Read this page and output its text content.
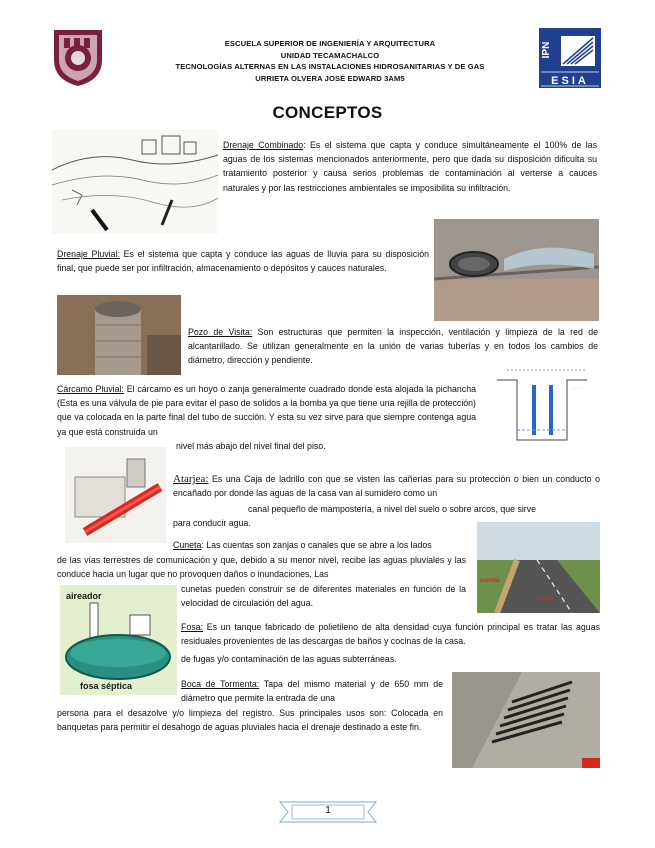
ESCUELA SUPERIOR DE INGENIERÍA Y ARQUITECTURA
UNIDAD TECAMACHALCO
TECNOLOGÍAS ALTERNAS EN LAS INSTALACIONES HIDROSANITARIAS Y DE GAS
URRIETA OLVERA JOSÉ EDWARD 3AM5
IPN
ESIA
CONCEPTOS
Drenaje Combinado: Es el sistema que capta y conduce simultáneamente el 100% de las aguas de los sistemas mencionados anteriormente, pero que dada su disposición dificulta su tratamiento posterior y causa serios problemas de contaminación al verterse a cauces naturales y por las restricciones ambientales se imposibilita su infiltración.
Drenaje Pluvial: Es el sistema que capta y conduce las aguas de lluvia para su disposición final, que puede ser por infiltración, almacenamiento o depósitos y cauces naturales.
Pozo de Visita: Son estructuras que permiten la inspección, ventilación y limpieza de la red de alcantarillado. Se utilizan generalmente en la unión de varias tuberías y en todos los cambios de diámetro, dirección y pendiente.
Cárcamo Pluvial: El cárcamo es un hoyo o zanja generalmente cuadrado donde esta alojada la pichancha (Esta es una válvula de pie para evitar el paso de solidos a la bomba ya que tiene una rejilla de protección) que va colocada en la parte final del tubo de succión. Y esta su vez sirve para que siempre contenga agua ya que está construida un
nivel más abajo del nivel final del piso.
· · ·
Atarjea: Es una Caja de ladrillo con que se visten las cañerías para su protección o bien un conducto o encañado por donde las aguas de la casa van al sumidero como un
canal pequeño de mampostería, a nivel del suelo o sobre arcos, que sirve
para conducir agua.
cuneta
arcén
Cuneta: Las cuentas son zanjas o canales que se abre a los lados
de las vías terrestres de comunicación y que, debido a su menor nivel, recibe las aguas pluviales y las conduce hacia un lugar que no provoquen daños o inundaciones. Las
cunetas pueden construir se de diferentes materiales en función de la velocidad de circulación del agua.
aireador
fosa séptica
Fosa: Es un tanque fabricado de polietileno de alta densidad cuya función principal es tratar las aguas residuales provenientes de las descargas de baños y cocinas de la casa.
de fugas y/o contaminación de las aguas subterráneas.
Boca de Tormenta: Tapa del mismo material y de 650 mm de diámetro que permite la entrada de una
persona para el desazolve y/o limpieza del registro. Sus principales usos son: Colocada en banquetas para permitir el desahogo de aguas pluviales hacia el drenaje destinado a este fin.
1
